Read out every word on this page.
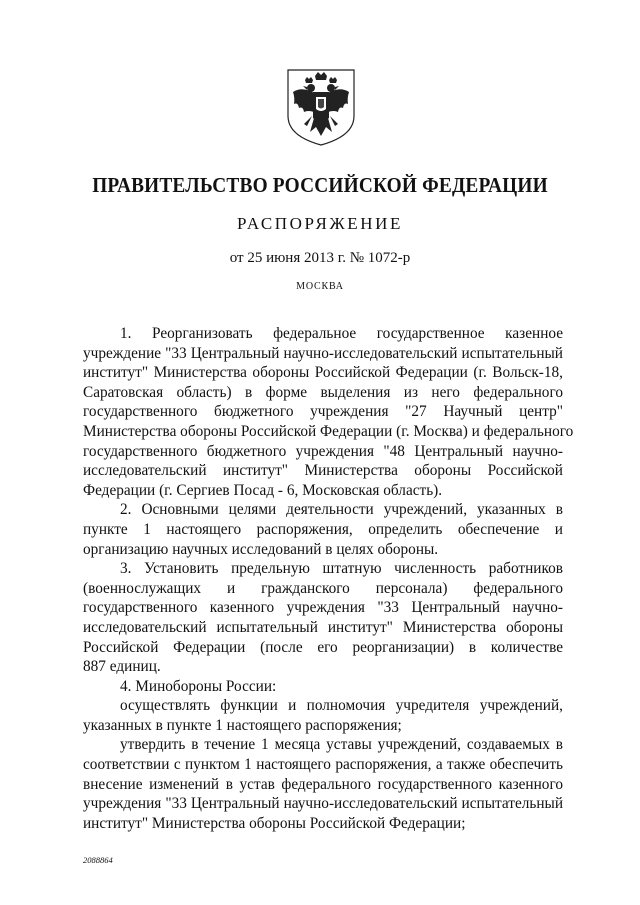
ПРАВИТЕЛЬСТВО РОССИЙСКОЙ ФЕДЕРАЦИИ
РАСПОРЯЖЕНИЕ
от 25 июня 2013 г. № 1072-р
МОСКВА
1. Реорганизовать федеральное государственное казенное
учреждение "33 Центральный научно-исследовательский испытательный
институт" Министерства обороны Российской Федерации (г. Вольск-18,
Саратовская область) в форме выделения из него федерального
государственного бюджетного учреждения "27 Научный центр"
Министерства обороны Российской Федерации (г. Москва) и федерального
государственного бюджетного учреждения "48 Центральный научно-
исследовательский институт" Министерства обороны Российской
Федерации (г. Сергиев Посад - 6, Московская область).
2. Основными целями деятельности учреждений, указанных в
пункте 1 настоящего распоряжения, определить обеспечение и
организацию научных исследований в целях обороны.
3. Установить предельную штатную численность работников
(военнослужащих и гражданского персонала) федерального
государственного казенного учреждения "33 Центральный научно-
исследовательский испытательный институт" Министерства обороны
Российской Федерации (после его реорганизации) в количестве
887 единиц.
4. Минобороны России:
осуществлять функции и полномочия учредителя учреждений,
указанных в пункте 1 настоящего распоряжения;
утвердить в течение 1 месяца уставы учреждений, создаваемых в
соответствии с пунктом 1 настоящего распоряжения, а также обеспечить
внесение изменений в устав федерального государственного казенного
учреждения "33 Центральный научно-исследовательский испытательный
институт" Министерства обороны Российской Федерации;
2088864
